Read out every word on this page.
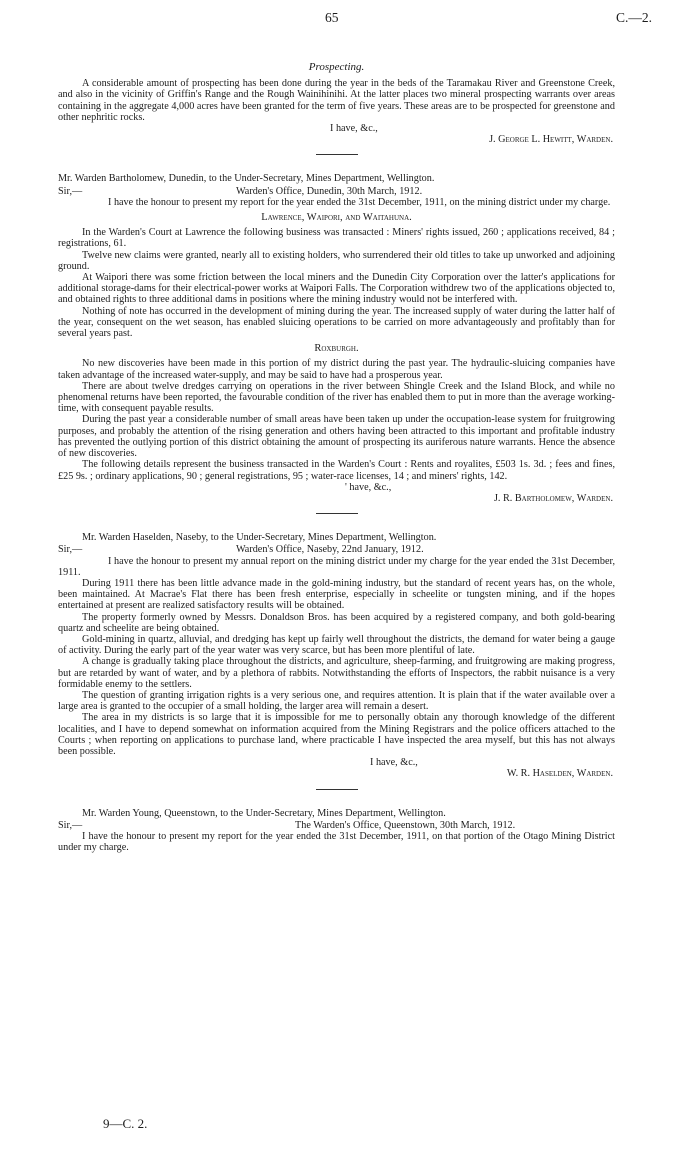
65	C.—2.
Prospecting.

A considerable amount of prospecting has been done during the year in the beds of the Taramakau River and Greenstone Creek, and also in the vicinity of Griffin's Range and the Rough Wainihinihi. At the latter places two mineral prospecting warrants over areas containing in the aggregate 4,000 acres have been granted for the term of five years. These areas are to be prospected for greenstone and other nephritic rocks.

I have, &c.,
J. George L. Hewitt, Warden.

Mr. Warden Bartholomew, Dunedin, to the Under-Secretary, Mines Department, Wellington.

Sir,—	Warden's Office, Dunedin, 30th March, 1912.

I have the honour to present my report for the year ended the 31st December, 1911, on the mining district under my charge.

Lawrence, Waipori, and Waitahuna.

In the Warden's Court at Lawrence the following business was transacted : Miners' rights issued, 260 ; applications received, 84 ; registrations, 61.

Twelve new claims were granted, nearly all to existing holders, who surrendered their old titles to take up unworked and adjoining ground.

At Waipori there was some friction between the local miners and the Dunedin City Corporation over the latter's applications for additional storage-dams for their electrical-power works at Waipori Falls. The Corporation withdrew two of the applications objected to, and obtained rights to three additional dams in positions where the mining industry would not be interfered with.

Nothing of note has occurred in the development of mining during the year. The increased supply of water during the latter half of the year, consequent on the wet season, has enabled sluicing operations to be carried on more advantageously and profitably than for several years past.

Roxburgh.

No new discoveries have been made in this portion of my district during the past year. The hydraulic-sluicing companies have taken advantage of the increased water-supply, and may be said to have had a prosperous year.

There are about twelve dredges carrying on operations in the river between Shingle Creek and the Island Block, and while no phenomenal returns have been reported, the favourable condition of the river has enabled them to put in more than the average working-time, with consequent payable results.

During the past year a considerable number of small areas have been taken up under the occupation-lease system for fruitgrowing purposes, and probably the attention of the rising generation and others having been attracted to this important and profitable industry has prevented the outlying portion of this district obtaining the amount of prospecting its auriferous nature warrants. Hence the absence of new discoveries.

The following details represent the business transacted in the Warden's Court : Rents and royalites, £503 1s. 3d. ; fees and fines, £25 9s. ; ordinary applications, 90 ; general registrations, 95 ; water-race licenses, 14 ; and miners' rights, 142.

' have, &c.,
J. R. Bartholomew, Warden.

Mr. Warden Haselden, Naseby, to the Under-Secretary, Mines Department, Wellington.

Sir,—	Warden's Office, Naseby, 22nd January, 1912.

I have the honour to present my annual report on the mining district under my charge for the year ended the 31st December, 1911.

During 1911 there has been little advance made in the gold-mining industry, but the standard of recent years has, on the whole, been maintained. At Macrae's Flat there has been fresh enterprise, especially in scheelite or tungsten mining, and if the hopes entertained at present are realized satisfactory results will be obtained.

The property formerly owned by Messrs. Donaldson Bros. has been acquired by a registered company, and both gold-bearing quartz and scheelite are being obtained.

Gold-mining in quartz, alluvial, and dredging has kept up fairly well throughout the districts, the demand for water being a gauge of activity. During the early part of the year water was very scarce, but has been more plentiful of late.

A change is gradually taking place throughout the districts, and agriculture, sheep-farming, and fruitgrowing are making progress, but are retarded by want of water, and by a plethora of rabbits. Notwithstanding the efforts of Inspectors, the rabbit nuisance is a very formidable enemy to the settlers.

The question of granting irrigation rights is a very serious one, and requires attention. It is plain that if the water available over a large area is granted to the occupier of a small holding, the larger area will remain a desert.

The area in my districts is so large that it is impossible for me to personally obtain any thorough knowledge of the different localities, and I have to depend somewhat on information acquired from the Mining Registrars and the police officers attached to the Courts ; when reporting on applications to purchase land, where practicable I have inspected the area myself, but this has not always been possible.

I have, &c.,
W. R. Haselden, Warden.

Mr. Warden Young, Queenstown, to the Under-Secretary, Mines Department, Wellington.

Sir,—	The Warden's Office, Queenstown, 30th March, 1912.

I have the honour to present my report for the year ended the 31st December, 1911, on that portion of the Otago Mining District under my charge.

9—C. 2.
